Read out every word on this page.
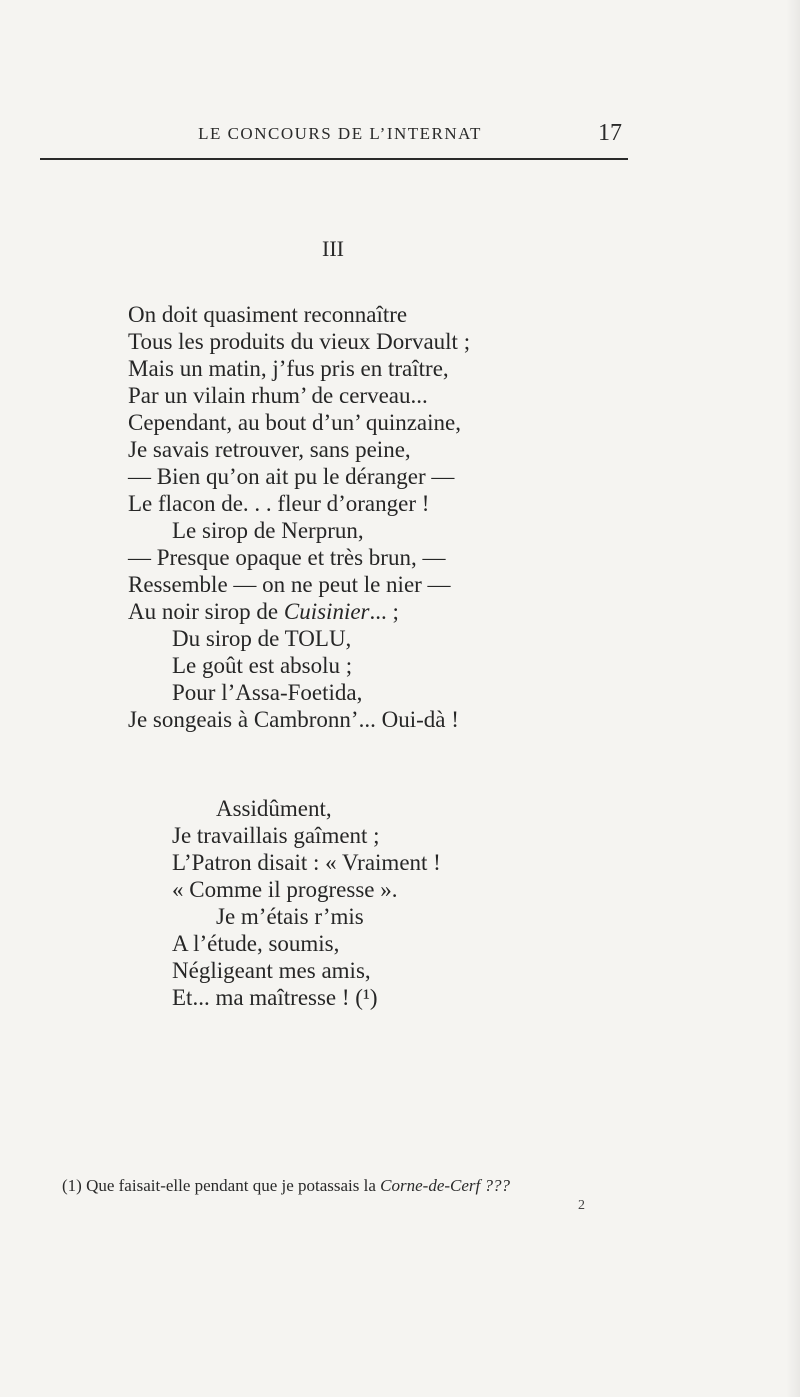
LE CONCOURS DE L’INTERNAT	17
III
On doit quasiment reconnaître
Tous les produits du vieux Dorvault ;
Mais un matin, j’fus pris en traître,
Par un vilain rhum’ de cerveau...
Cependant, au bout d’un’ quinzaine,
Je savais retrouver, sans peine,
— Bien qu’on ait pu le déranger —
Le flacon de. . . fleur d’oranger !
Le sirop de Nerprun,
— Presque opaque et très brun, —
Ressemble — on ne peut le nier —
Au noir sirop de Cuisinier... ;
Du sirop de TOLU,
Le goût est absolu ;
Pour l’Assa-Foetida,
Je songeais à Cambronn’... Oui-dà !
Assidûment,
Je travaillais gaîment ;
L’Patron disait : « Vraiment !
« Comme il progresse ».
Je m’étais r’mis
A l’étude, soumis,
Négligeant mes amis,
Et... ma maîtresse ! (¹)
(1) Que faisait-elle pendant que je potassais la Corne-de-Cerf ???
2
